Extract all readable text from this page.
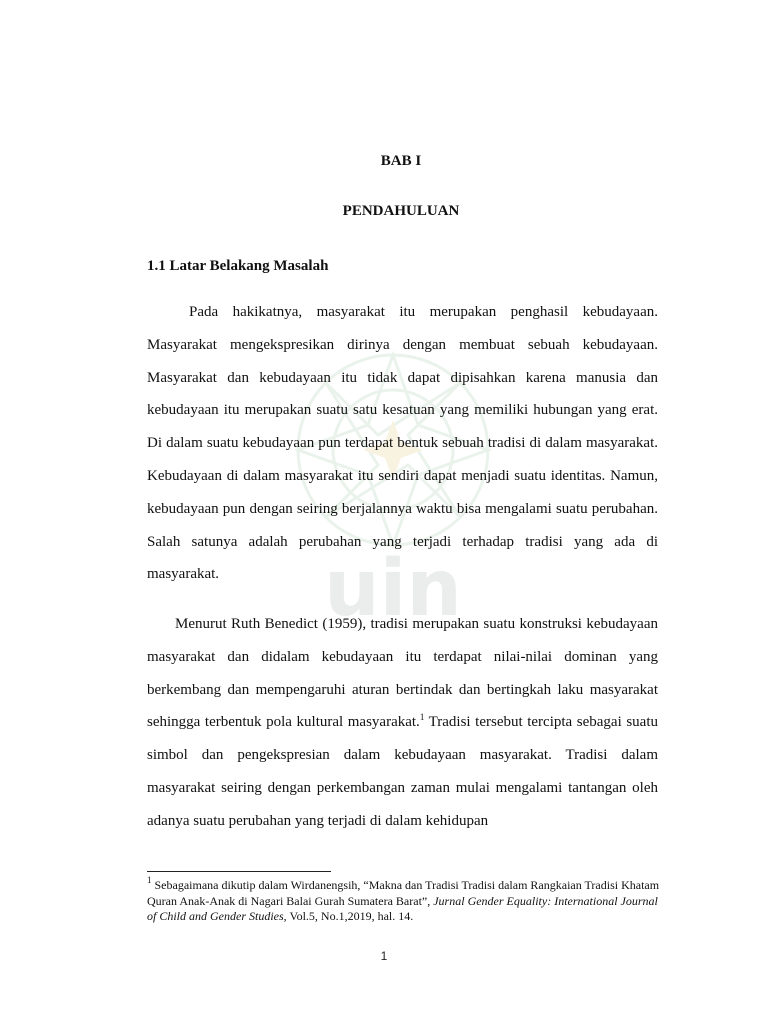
uin
BAB I
PENDAHULUAN
1.1 Latar Belakang Masalah

Pada hakikatnya, masyarakat itu merupakan penghasil kebudayaan. Masyarakat mengekspresikan dirinya dengan membuat sebuah kebudayaan. Masyarakat dan kebudayaan itu tidak dapat dipisahkan karena manusia dan kebudayaan itu merupakan suatu satu kesatuan yang memiliki hubungan yang erat. Di dalam suatu kebudayaan pun terdapat bentuk sebuah tradisi di dalam masyarakat. Kebudayaan di dalam masyarakat itu sendiri dapat menjadi suatu identitas. Namun, kebudayaan pun dengan seiring berjalannya waktu bisa mengalami suatu perubahan. Salah satunya adalah perubahan yang terjadi terhadap tradisi yang ada di masyarakat.

Menurut Ruth Benedict (1959), tradisi merupakan suatu konstruksi kebudayaan masyarakat dan didalam kebudayaan itu terdapat nilai-nilai dominan yang berkembang dan mempengaruhi aturan bertindak dan bertingkah laku masyarakat sehingga terbentuk pola kultural masyarakat.$^1$ Tradisi tersebut tercipta sebagai suatu simbol dan pengekspresian dalam kebudayaan masyarakat. Tradisi dalam masyarakat seiring dengan perkembangan zaman mulai mengalami tantangan oleh adanya suatu perubahan yang terjadi di dalam kehidupan

$^1$ Sebagaimana dikutip dalam Wirdanengsih, “Makna dan Tradisi Tradisi dalam Rangkaian Tradisi Khatam Quran Anak-Anak di Nagari Balai Gurah Sumatera Barat”, Jurnal Gender Equality: International Journal of Child and Gender Studies, Vol.5, No.1,2019, hal. 14.
1
